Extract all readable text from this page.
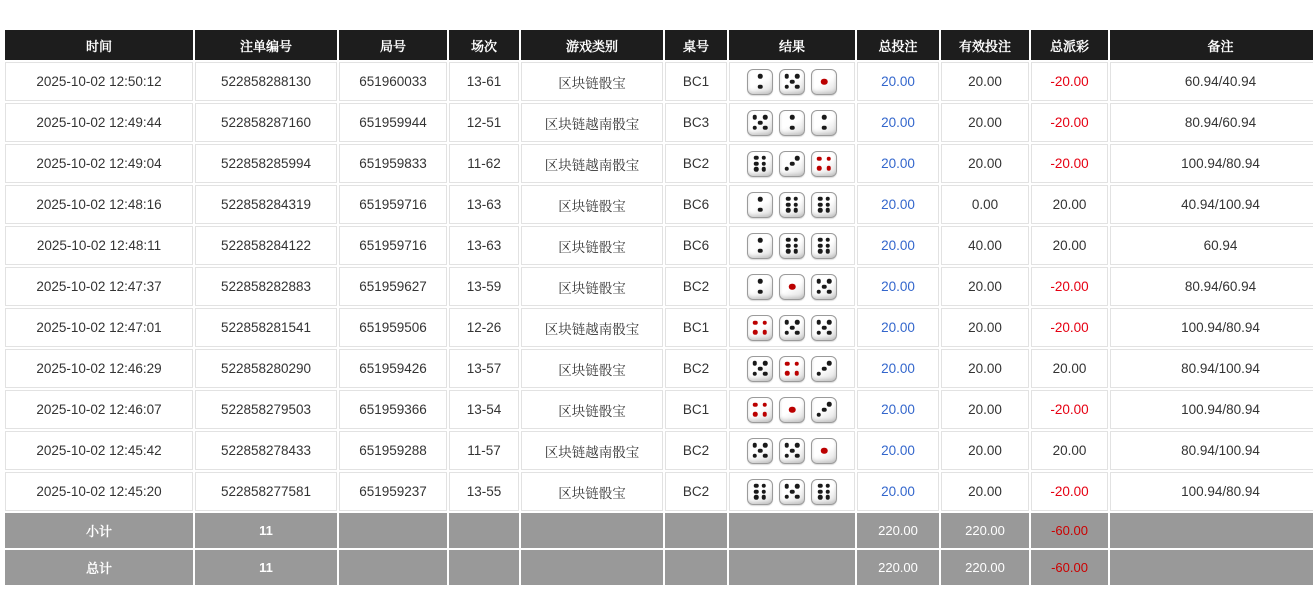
时间	注单编号	局号	场次	游戏类别	桌号	结果	总投注	有效投注	总派彩	备注
2025-10-02 12:50:12	522858288130	651960033	13-61	区块链骰宝	BC1		20.00	20.00	-20.00	60.94/40.94
2025-10-02 12:49:44	522858287160	651959944	12-51	区块链越南骰宝	BC3		20.00	20.00	-20.00	80.94/60.94
2025-10-02 12:49:04	522858285994	651959833	11-62	区块链越南骰宝	BC2		20.00	20.00	-20.00	100.94/80.94
2025-10-02 12:48:16	522858284319	651959716	13-63	区块链骰宝	BC6		20.00	0.00	20.00	40.94/100.94
2025-10-02 12:48:11	522858284122	651959716	13-63	区块链骰宝	BC6		20.00	40.00	20.00	60.94
2025-10-02 12:47:37	522858282883	651959627	13-59	区块链骰宝	BC2		20.00	20.00	-20.00	80.94/60.94
2025-10-02 12:47:01	522858281541	651959506	12-26	区块链越南骰宝	BC1		20.00	20.00	-20.00	100.94/80.94
2025-10-02 12:46:29	522858280290	651959426	13-57	区块链骰宝	BC2		20.00	20.00	20.00	80.94/100.94
2025-10-02 12:46:07	522858279503	651959366	13-54	区块链骰宝	BC1		20.00	20.00	-20.00	100.94/80.94
2025-10-02 12:45:42	522858278433	651959288	11-57	区块链越南骰宝	BC2		20.00	20.00	20.00	80.94/100.94
2025-10-02 12:45:20	522858277581	651959237	13-55	区块链骰宝	BC2		20.00	20.00	-20.00	100.94/80.94
小计	11						220.00	220.00	-60.00	
总计	11						220.00	220.00	-60.00	
